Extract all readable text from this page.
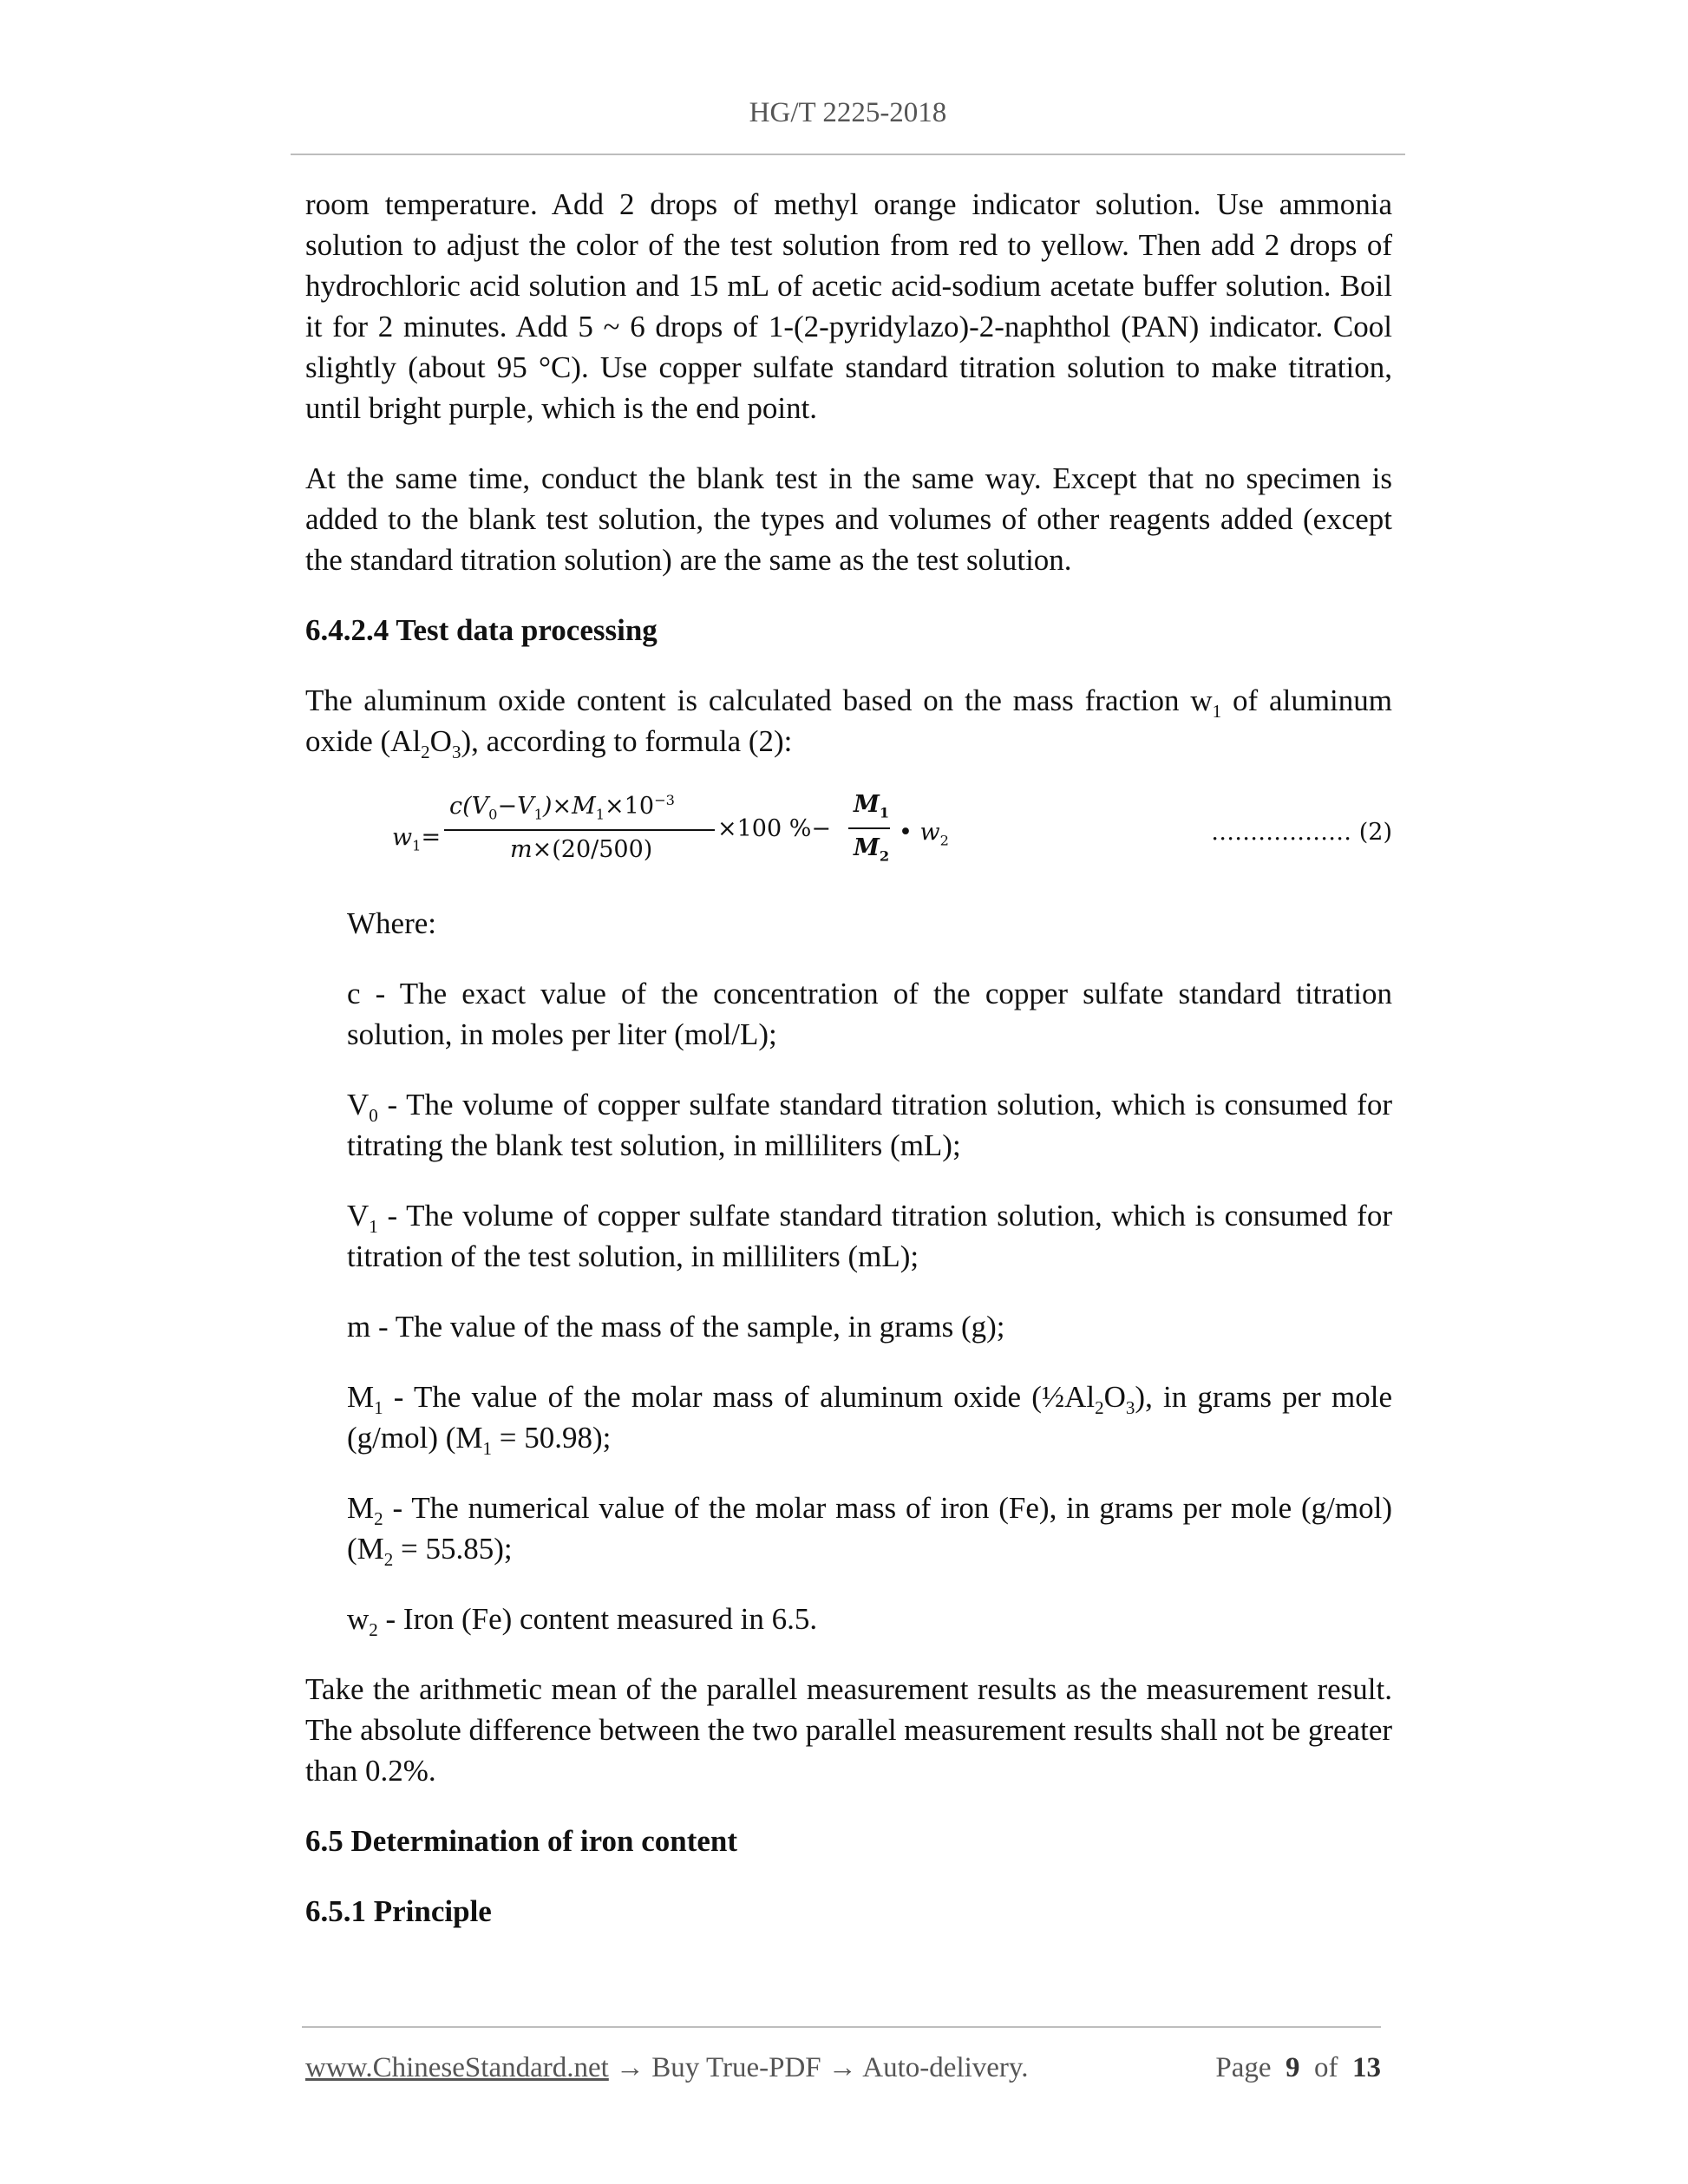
HG/T 2225-2018

room temperature. Add 2 drops of methyl orange indicator solution. Use ammonia solution to adjust the color of the test solution from red to yellow. Then add 2 drops of hydrochloric acid solution and 15 mL of acetic acid-sodium acetate buffer solution. Boil it for 2 minutes. Add 5 ~ 6 drops of 1-(2-pyridylazo)-2-naphthol (PAN) indicator. Cool slightly (about 95 °C). Use copper sulfate standard titration solution to make titration, until bright purple, which is the end point.

At the same time, conduct the blank test in the same way. Except that no specimen is added to the blank test solution, the types and volumes of other reagents added (except the standard titration solution) are the same as the test solution.

6.4.2.4 Test data processing

The aluminum oxide content is calculated based on the mass fraction $w_1$ of aluminum oxide $(Al_2O_3)$, according to formula (2):

$w_1=$
$c(V_0-V_1)\times M_1\times 10^{-3}$
m×(20/500)
×100 %−
$M_1$
$M_2$
• $w_2$	……………… (2)

Where:

c - The exact value of the concentration of the copper sulfate standard titration solution, in moles per liter (mol/L);

$V_0$ - The volume of copper sulfate standard titration solution, which is consumed for titrating the blank test solution, in milliliters (mL);

$V_1$ - The volume of copper sulfate standard titration solution, which is consumed for titration of the test solution, in milliliters (mL);

m - The value of the mass of the sample, in grams (g);

$M_1$ - The value of the molar mass of aluminum oxide $(\frac{1}{2}Al_2O_3)$, in grams per mole (g/mol) $(M_1 = 50.98)$;

$M_2$ - The numerical value of the molar mass of iron (Fe), in grams per mole (g/mol) $(M_2 = 55.85)$;

$w_2$ - Iron (Fe) content measured in 6.5.

Take the arithmetic mean of the parallel measurement results as the measurement result. The absolute difference between the two parallel measurement results shall not be greater than 0.2%.

6.5 Determination of iron content

6.5.1 Principle

www.ChineseStandard.net → Buy True-PDF → Auto-delivery.	Page 9 of 13
